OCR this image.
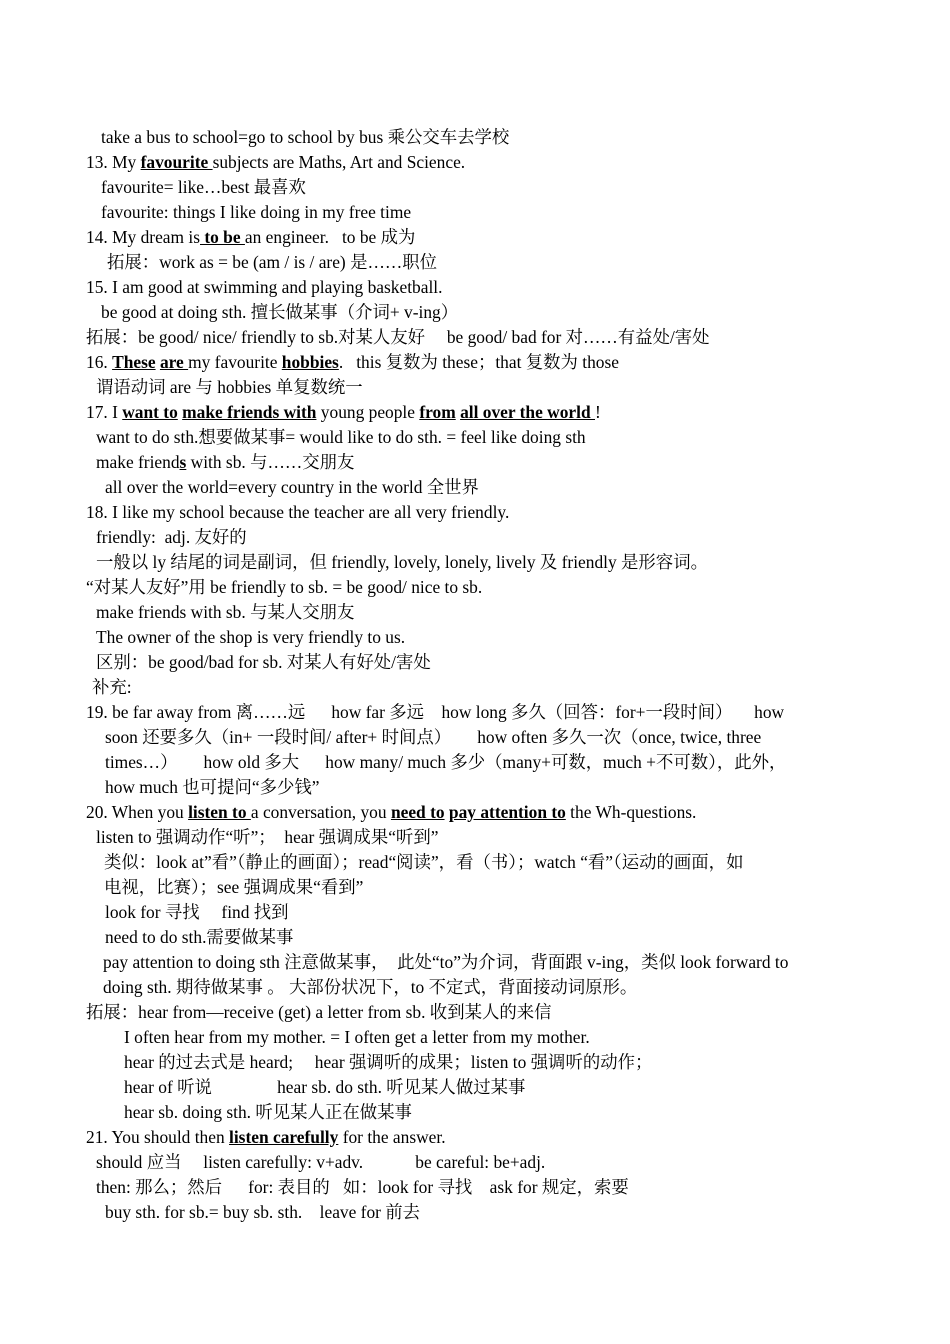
take a bus to school=go to school by bus 乘公交车去学校
13. My favourite subjects are Maths, Art and Science.
favourite= like…best 最喜欢
favourite: things I like doing in my free time
14. My dream is to be an engineer.   to be 成为
拓展：work as = be (am / is / are) 是……职位
15. I am good at swimming and playing basketball.
be good at doing sth. 擅长做某事（介词+ v-ing）
拓展：be good/ nice/ friendly to sb.对某人友好     be good/ bad for 对……有益处/害处
16. These are my favourite hobbies.   this 复数为 these；that 复数为 those
谓语动词 are 与 hobbies 单复数统一
17. I want to make friends with young people from all over the world !
want to do sth.想要做某事= would like to do sth. = feel like doing sth
make friends with sb. 与……交朋友
all over the world=every country in the world 全世界
18. I like my school because the teacher are all very friendly.
friendly:  adj. 友好的
一般以 ly 结尾的词是副词，但 friendly, lovely, lonely, lively 及 friendly 是形容词。
“对某人友好”用 be friendly to sb. = be good/ nice to sb.
make friends with sb. 与某人交朋友
The owner of the shop is very friendly to us.
区别：be good/bad for sb. 对某人有好处/害处
补充:
19. be far away from 离……远      how far 多远    how long 多久（回答：for+一段时间）     how
soon 还要多久（in+ 一段时间/ after+ 时间点）      how often 多久一次（once, twice, three
times…）      how old 多大      how many/ much 多少（many+可数，much +不可数），此外，
how much 也可提问“多少钱”
20. When you listen to a conversation, you need to pay attention to the Wh-questions.
listen to 强调动作“听”；  hear 强调成果“听到”
类似：look at”看”（静止的画面）；read“阅读”，看（书）；watch “看”（运动的画面，如
电视，比赛）；see 强调成果“看到”
look for 寻找     find 找到
need to do sth.需要做某事
pay attention to doing sth 注意做某事，  此处“to”为介词，背面跟 v-ing，类似 look forward to
doing sth. 期待做某事 。 大部份状况下，to 不定式，背面接动词原形。
拓展：hear from—receive (get) a letter from sb. 收到某人的来信
I often hear from my mother. = I often get a letter from my mother.
hear 的过去式是 heard;     hear 强调听的成果；listen to 强调听的动作；
hear of 听说               hear sb. do sth. 听见某人做过某事
hear sb. doing sth. 听见某人正在做某事
21. You should then listen carefully for the answer.
should 应当     listen carefully: v+adv.            be careful: be+adj.
then: 那么；然后      for: 表目的   如：look for 寻找    ask for 规定，索要
buy sth. for sb.= buy sb. sth.    leave for 前去
